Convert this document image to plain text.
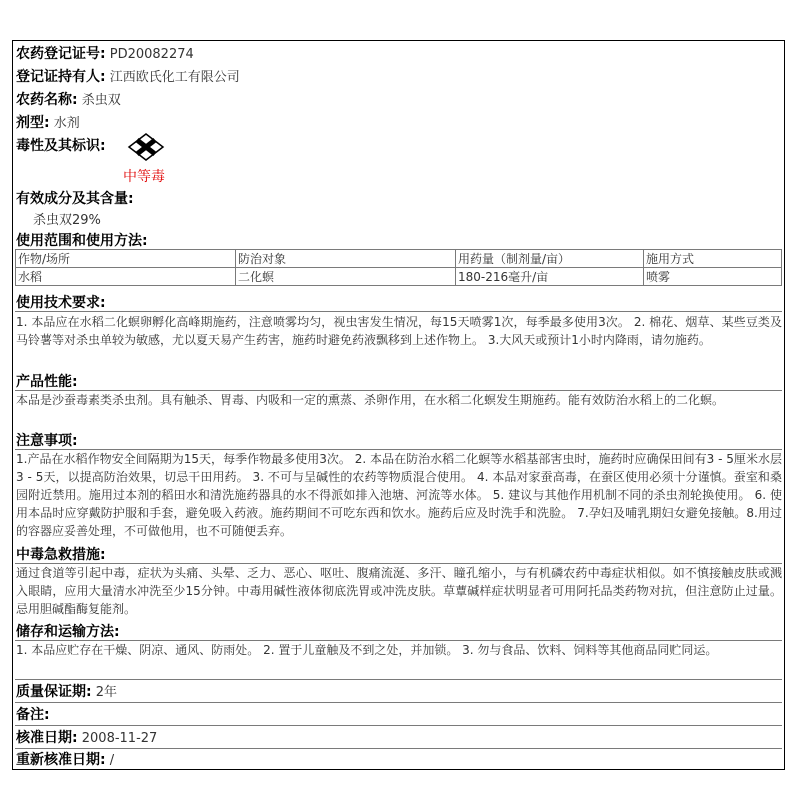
农药登记证号: PD20082274
登记证持有人: 江西欧氏化工有限公司
农药名称: 杀虫双
剂型: 水剂
毒性及其标识:
中等毒
有效成分及其含量:
杀虫双29%
使用范围和使用方法:
作物/场所	防治对象	用药量（制剂量/亩）	施用方式
水稻	二化螟	180-216毫升/亩	喷雾
使用技术要求:
1. 本品应在水稻二化螟卵孵化高峰期施药，注意喷雾均匀，视虫害发生情况，每15天喷雾1次，每季最多使用3次。 2. 棉花、烟草、某些豆类及马铃薯等对杀虫单较为敏感，尤以夏天易产生药害，施药时避免药液飘移到上述作物上。 3.大风天或预计1小时内降雨，请勿施药。
产品性能:
本品是沙蚕毒素类杀虫剂。具有触杀、胃毒、内吸和一定的熏蒸、杀卵作用，在水稻二化螟发生期施药。能有效防治水稻上的二化螟。
注意事项:
1.产品在水稻作物安全间隔期为15天，每季作物最多使用3次。 2. 本品在防治水稻二化螟等水稻基部害虫时，施药时应确保田间有3 - 5厘米水层3 - 5天，以提高防治效果，切忌干田用药。 3. 不可与呈碱性的农药等物质混合使用。 4. 本品对家蚕高毒，在蚕区使用必须十分谨慎。蚕室和桑园附近禁用。施用过本剂的稻田水和清洗施药器具的水不得派如排入池塘、河流等水体。 5. 建议与其他作用机制不同的杀虫剂轮换使用。 6. 使用本品时应穿戴防护服和手套，避免吸入药液。施药期间不可吃东西和饮水。施药后应及时洗手和洗脸。 7.孕妇及哺乳期妇女避免接触。8.用过的容器应妥善处理，不可做他用，也不可随便丢弃。
中毒急救措施:
通过食道等引起中毒，症状为头痛、头晕、乏力、恶心、呕吐、腹痛流涎、多汗、瞳孔缩小，与有机磷农药中毒症状相似。如不慎接触皮肤或溅入眼睛，应用大量清水冲洗至少15分钟。中毒用碱性液体彻底洗胃或冲洗皮肤。草蕈碱样症状明显者可用阿托品类药物对抗，但注意防止过量。忌用胆碱酯酶复能剂。
储存和运输方法:
1. 本品应贮存在干燥、阴凉、通风、防雨处。 2. 置于儿童触及不到之处，并加锁。 3. 勿与食品、饮料、饲料等其他商品同贮同运。
质量保证期: 2年
备注:
核准日期: 2008-11-27
重新核准日期: /
